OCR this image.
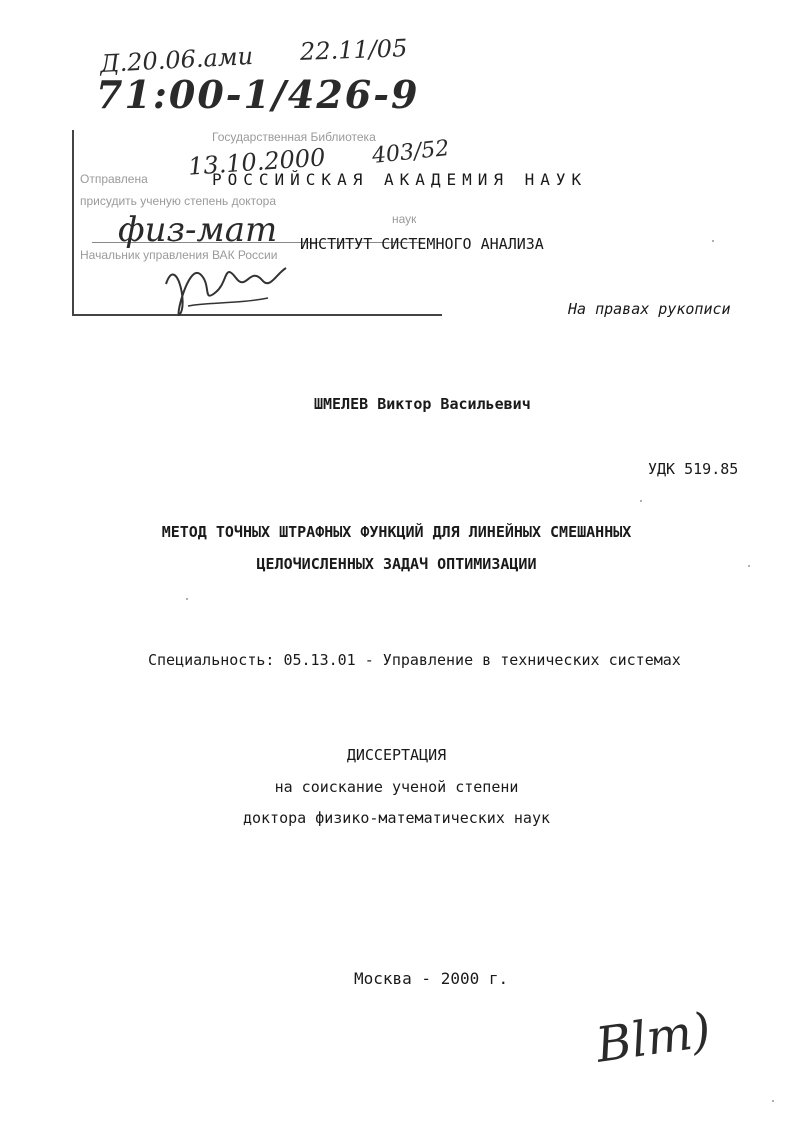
Д.20.06.ами 22.11/05
71:00-1/426-9
Государственная Библиотека
Отправлена
присудить ученую степень доктора
наук
Начальник управления ВАК России
13.10.2000 403/52
физ-мат
РОССИЙСКАЯ АКАДЕМИЯ НАУК
ИНСТИТУТ СИСТЕМНОГО АНАЛИЗА
На правах рукописи
ШМЕЛЕВ Виктор Васильевич
УДК 519.85
МЕТОД ТОЧНЫХ ШТРАФНЫХ ФУНКЦИЙ ДЛЯ ЛИНЕЙНЫХ СМЕШАННЫХ
ЦЕЛОЧИСЛЕННЫХ ЗАДАЧ ОПТИМИЗАЦИИ
Специальность: 05.13.01 - Управление в технических системах
ДИССЕРТАЦИЯ
на соискание ученой степени
доктора физико-математических наук
Москва - 2000 г.
Вlm)
